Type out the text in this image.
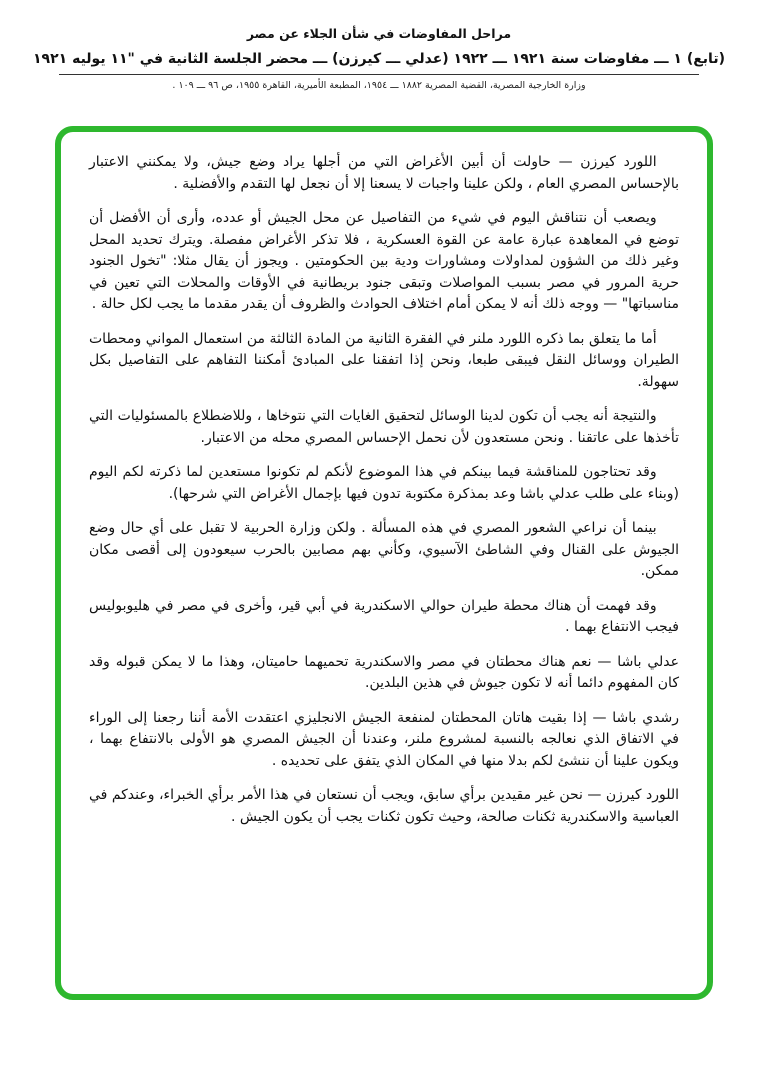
مراحل المفاوضات في شأن الجلاء عن مصر
(تابع) ١ ـــ مفاوضات سنة ١٩٢١ ـــ ١٩٢٢ (عدلي ـــ كيرزن) ـــ محضر الجلسة الثانية في "١١ يوليه ١٩٢١
وزارة الخارجية المصرية، القضية المصرية ١٨٨٢ ـــ ١٩٥٤، المطبعة الأميرية، القاهرة ١٩٥٥، ص ٩٦ ـــ ١٠٩ .

اللورد كيرزن — حاولت أن أبين الأغراض التي من أجلها يراد وضع جيش، ولا يمكنني الاعتبار بالإحساس المصري العام ، ولكن علينا واجبات لا يسعنا إلا أن نجعل لها التقدم والأفضلية .

ويصعب أن نتناقش اليوم في شيء من التفاصيل عن محل الجيش أو عدده، وأرى أن الأفضل أن توضع في المعاهدة عبارة عامة عن القوة العسكرية ، فلا تذكر الأغراض مفصلة. ويترك تحديد المحل وغير ذلك من الشؤون لمداولات ومشاورات ودية بين الحكومتين . ويجوز أن يقال مثلا: "تخول الجنود حرية المرور في مصر بسبب المواصلات وتبقى جنود بريطانية في الأوقات والمحلات التي تعين في مناسباتها" — ووجه ذلك أنه لا يمكن أمام اختلاف الحوادث والظروف أن يقدر مقدما ما يجب لكل حالة .

أما ما يتعلق بما ذكره اللورد ملنر في الفقرة الثانية من المادة الثالثة من استعمال المواني ومحطات الطيران ووسائل النقل فيبقى طبعا، ونحن إذا اتفقنا على المبادئ أمكننا التفاهم على التفاصيل بكل سهولة.

والنتيجة أنه يجب أن تكون لدينا الوسائل لتحقيق الغايات التي نتوخاها ، وللاضطلاع بالمسئوليات التي تأخذها على عاتقنا . ونحن مستعدون لأن نحمل الإحساس المصري محله من الاعتبار.

وقد تحتاجون للمناقشة فيما بينكم في هذا الموضوع لأنكم لم تكونوا مستعدين لما ذكرته لكم اليوم (وبناء على طلب عدلي باشا وعد بمذكرة مكتوبة تدون فيها بإجمال الأغراض التي شرحها).

بينما أن نراعي الشعور المصري في هذه المسألة . ولكن وزارة الحربية لا تقبل على أي حال وضع الجيوش على القنال وفي الشاطئ الآسيوي، وكأني بهم مصابين بالحرب سيعودون إلى أقصى مكان ممكن.

وقد فهمت أن هناك محطة طيران حوالي الاسكندرية في أبي قير، وأخرى في مصر في هليوبوليس فيجب الانتفاع بهما .

عدلي باشا — نعم هناك محطتان في مصر والاسكندرية تحميهما حاميتان، وهذا ما لا يمكن قبوله وقد كان المفهوم دائما أنه لا تكون جيوش في هذين البلدين.

رشدي باشا — إذا بقيت هاتان المحطتان لمنفعة الجيش الانجليزي اعتقدت الأمة أننا رجعنا إلى الوراء في الاتفاق الذي نعالجه بالنسبة لمشروع ملنر، وعندنا أن الجيش المصري هو الأولى بالانتفاع بهما ، ويكون علينا أن ننشئ لكم بدلا منها في المكان الذي يتفق على تحديده .

اللورد كيرزن — نحن غير مقيدين برأي سابق، ويجب أن نستعان في هذا الأمر برأي الخبراء، وعندكم في العباسية والاسكندرية ثكنات صالحة، وحيث تكون ثكنات يجب أن يكون الجيش .
